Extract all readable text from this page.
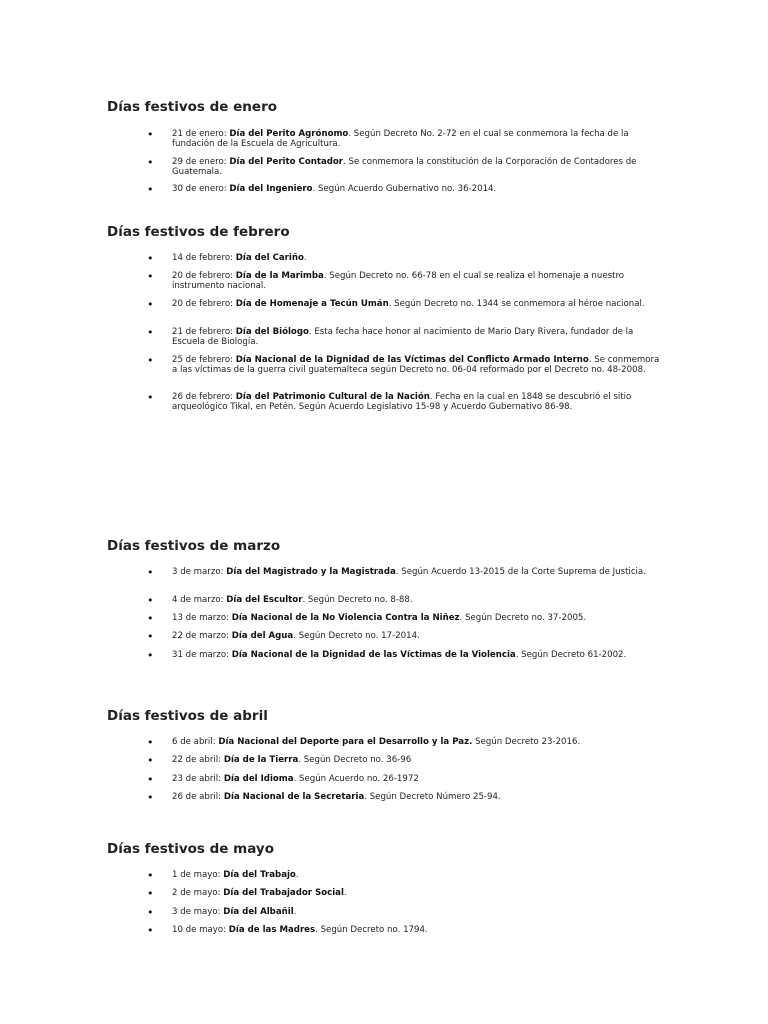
Días festivos de enero
• 21 de enero: Día del Perito Agrónomo. Según Decreto No. 2-72 en el cual se conmemora la fecha de la fundación de la Escuela de Agricultura.
• 29 de enero: Día del Perito Contador. Se conmemora la constitución de la Corporación de Contadores de Guatemala.
• 30 de enero: Día del Ingeniero. Según Acuerdo Gubernativo no. 36-2014.
Días festivos de febrero
• 14 de febrero: Día del Cariño.
• 20 de febrero: Día de la Marimba. Según Decreto no. 66-78 en el cual se realiza el homenaje a nuestro instrumento nacional.
• 20 de febrero: Día de Homenaje a Tecún Umán. Según Decreto no. 1344 se conmemora al héroe nacional.
• 21 de febrero: Día del Biólogo. Esta fecha hace honor al nacimiento de Mario Dary Rivera, fundador de la Escuela de Biología.
• 25 de febrero: Día Nacional de la Dignidad de las Víctimas del Conflicto Armado Interno. Se conmemora a las víctimas de la guerra civil guatemalteca según Decreto no. 06-04 reformado por el Decreto no. 48-2008.
• 26 de febrero: Día del Patrimonio Cultural de la Nación. Fecha en la cual en 1848 se descubrió el sitio arqueológico Tikal, en Petén. Según Acuerdo Legislativo 15-98 y Acuerdo Gubernativo 86-98.
Días festivos de marzo
• 3 de marzo: Día del Magistrado y la Magistrada. Según Acuerdo 13-2015 de la Corte Suprema de Justicia.
• 4 de marzo: Día del Escultor. Según Decreto no. 8-88.
• 13 de marzo: Día Nacional de la No Violencia Contra la Niñez. Según Decreto no. 37-2005.
• 22 de marzo: Día del Agua. Según Decreto no. 17-2014.
• 31 de marzo: Día Nacional de la Dignidad de las Víctimas de la Violencia. Según Decreto 61-2002.
Días festivos de abril
• 6 de abril: Día Nacional del Deporte para el Desarrollo y la Paz. Según Decreto 23-2016.
• 22 de abril: Día de la Tierra. Según Decreto no. 36-96
• 23 de abril: Día del Idioma. Según Acuerdo no. 26-1972
• 26 de abril: Día Nacional de la Secretaria. Según Decreto Número 25-94.
Días festivos de mayo
• 1 de mayo: Día del Trabajo.
• 2 de mayo: Día del Trabajador Social.
• 3 de mayo: Día del Albañil.
• 10 de mayo: Día de las Madres. Según Decreto no. 1794.
